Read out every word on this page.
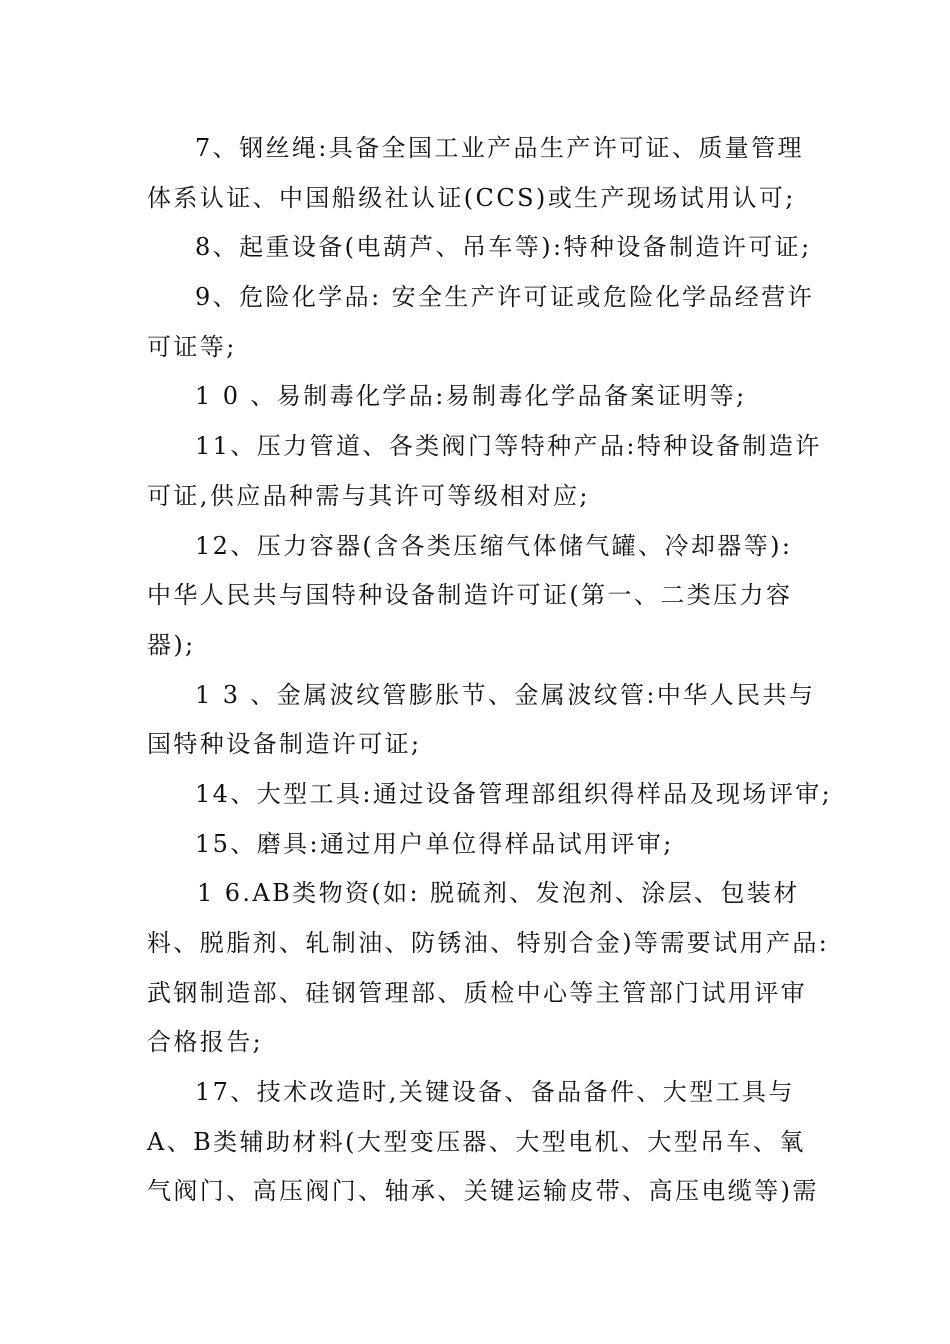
7、钢丝绳:具备全国工业产品生产许可证、质量管理
体系认证、中国船级社认证(CCS)或生产现场试用认可;
8、起重设备(电葫芦、吊车等):特种设备制造许可证;
9、危险化学品: 安全生产许可证或危险化学品经营许
可证等;
1 0 、易制毒化学品:易制毒化学品备案证明等;
11、压力管道、各类阀门等特种产品:特种设备制造许
可证,供应品种需与其许可等级相对应;
12、压力容器(含各类压缩气体储气罐、冷却器等):
中华人民共与国特种设备制造许可证(第一、二类压力容
器);
1 3 、金属波纹管膨胀节、金属波纹管:中华人民共与
国特种设备制造许可证;
14、大型工具:通过设备管理部组织得样品及现场评审;
15、磨具:通过用户单位得样品试用评审;
1 6.AB类物资(如: 脱硫剂、发泡剂、涂层、包装材
料、脱脂剂、轧制油、防锈油、特别合金)等需要试用产品:
武钢制造部、硅钢管理部、质检中心等主管部门试用评审
合格报告;
17、技术改造时,关键设备、备品备件、大型工具与
A、B类辅助材料(大型变压器、大型电机、大型吊车、氧
气阀门、高压阀门、轴承、关键运输皮带、高压电缆等)需
